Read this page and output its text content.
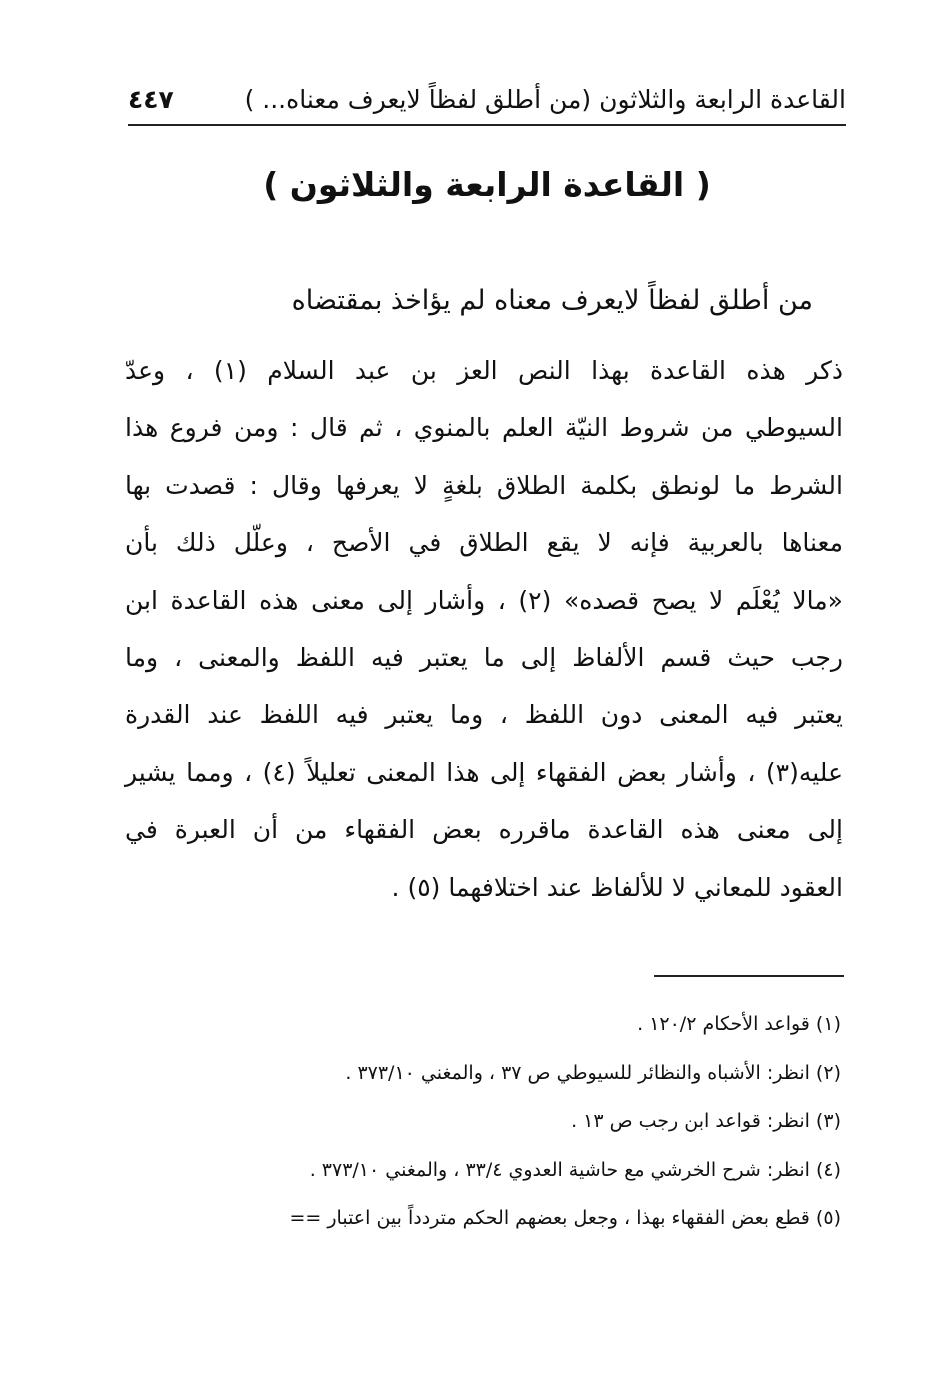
القاعدة الرابعة والثلاثون (من أطلق لفظاً لايعرف معناه... )
٤٤٧
( القاعدة الرابعة والثلاثون )
من أطلق لفظاً لايعرف معناه لم يؤاخذ بمقتضاه
ذكر هذه القاعدة بهذا النص العز بن عبد السلام (١) ، وعدّ
السيوطي من شروط النيّة العلم بالمنوي ، ثم قال : ومن فروع هذا
الشرط ما لونطق بكلمة الطلاق بلغةٍ لا يعرفها وقال : قصدت بها
معناها بالعربية فإنه لا يقع الطلاق في الأصح ، وعلّل ذلك بأن
«مالا يُعْلَم لا يصح قصده» (٢) ، وأشار إلى معنى هذه القاعدة ابن
رجب حيث قسم الألفاظ إلى ما يعتبر فيه اللفظ والمعنى ، وما
يعتبر فيه المعنى دون اللفظ ، وما يعتبر فيه اللفظ عند القدرة
عليه(٣) ، وأشار بعض الفقهاء إلى هذا المعنى تعليلاً (٤) ، ومما يشير
إلى معنى هذه القاعدة ماقرره بعض الفقهاء من أن العبرة في
العقود للمعاني لا للألفاظ عند اختلافهما (٥) .
(١) قواعد الأحكام ١٢٠/٢ .
(٢) انظر: الأشباه والنظائر للسيوطي ص ٣٧ ، والمغني ٣٧٣/١٠ .
(٣) انظر: قواعد ابن رجب ص ١٣ .
(٤) انظر: شرح الخرشي مع حاشية العدوي ٣٣/٤ ، والمغني ٣٧٣/١٠ .
(٥) قطع بعض الفقهاء بهذا ، وجعل بعضهم الحكم متردداً بين اعتبار ==
